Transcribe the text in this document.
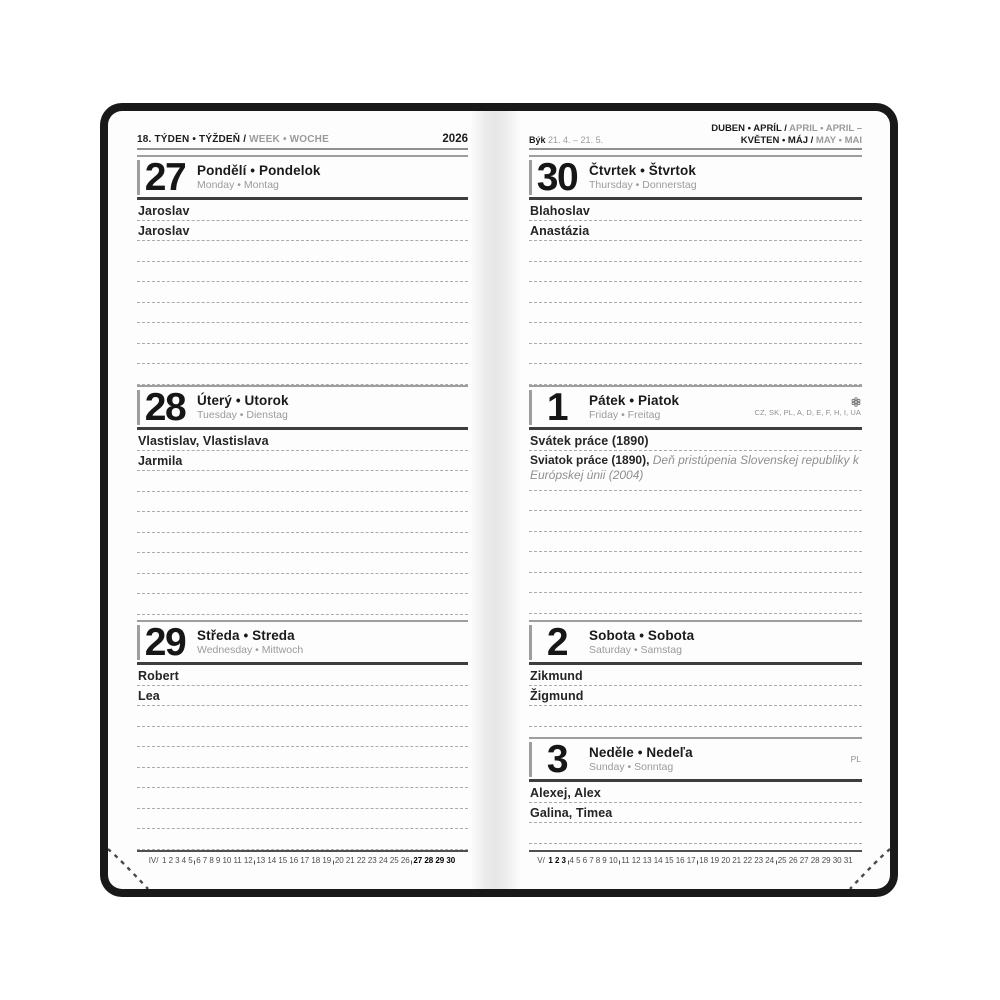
18. TÝDEN • TÝŽDEŇ / WEEK • WOCHE	2026
27 Pondělí • Pondelok
Monday • Montag
Jaroslav
Jaroslav
28 Úterý • Utorok
Tuesday • Dienstag
Vlastislav, Vlastislava
Jarmila
29 Středa • Streda
Wednesday • Mittwoch
Robert
Lea
IV/ 1 2 3 4 5 6 7 8 9 10 11 12 13 14 15 16 17 18 19 20 21 22 23 24 25 26 27 28 29 30
Býk 21. 4. – 21. 5.
DUBEN • APRÍL / APRIL • APRIL –
KVĚTEN • MÁJ / MAY • MAI
30 Čtvrtek • Štvrtok
Thursday • Donnerstag
Blahoslav
Anastázia
1	Pátek • Piatok
Friday • Freitag	CZ, SK, PL, A, D, E, F, H, I, UA
Svátek práce (1890)
Sviatok práce (1890), Deň pristúpenia Slovenskej republiky k Európskej únii (2004)
2	Sobota • Sobota
Saturday • Samstag
Zikmund
Žigmund
3	Neděle • Nedeľa
Sunday • Sonntag
PL
Alexej, Alex
Galina, Timea
V/ 1 2 3 4 5 6 7 8 9 10 11 12 13 14 15 16 17 18 19 20 21 22 23 24 25 26 27 28 29 30 31
